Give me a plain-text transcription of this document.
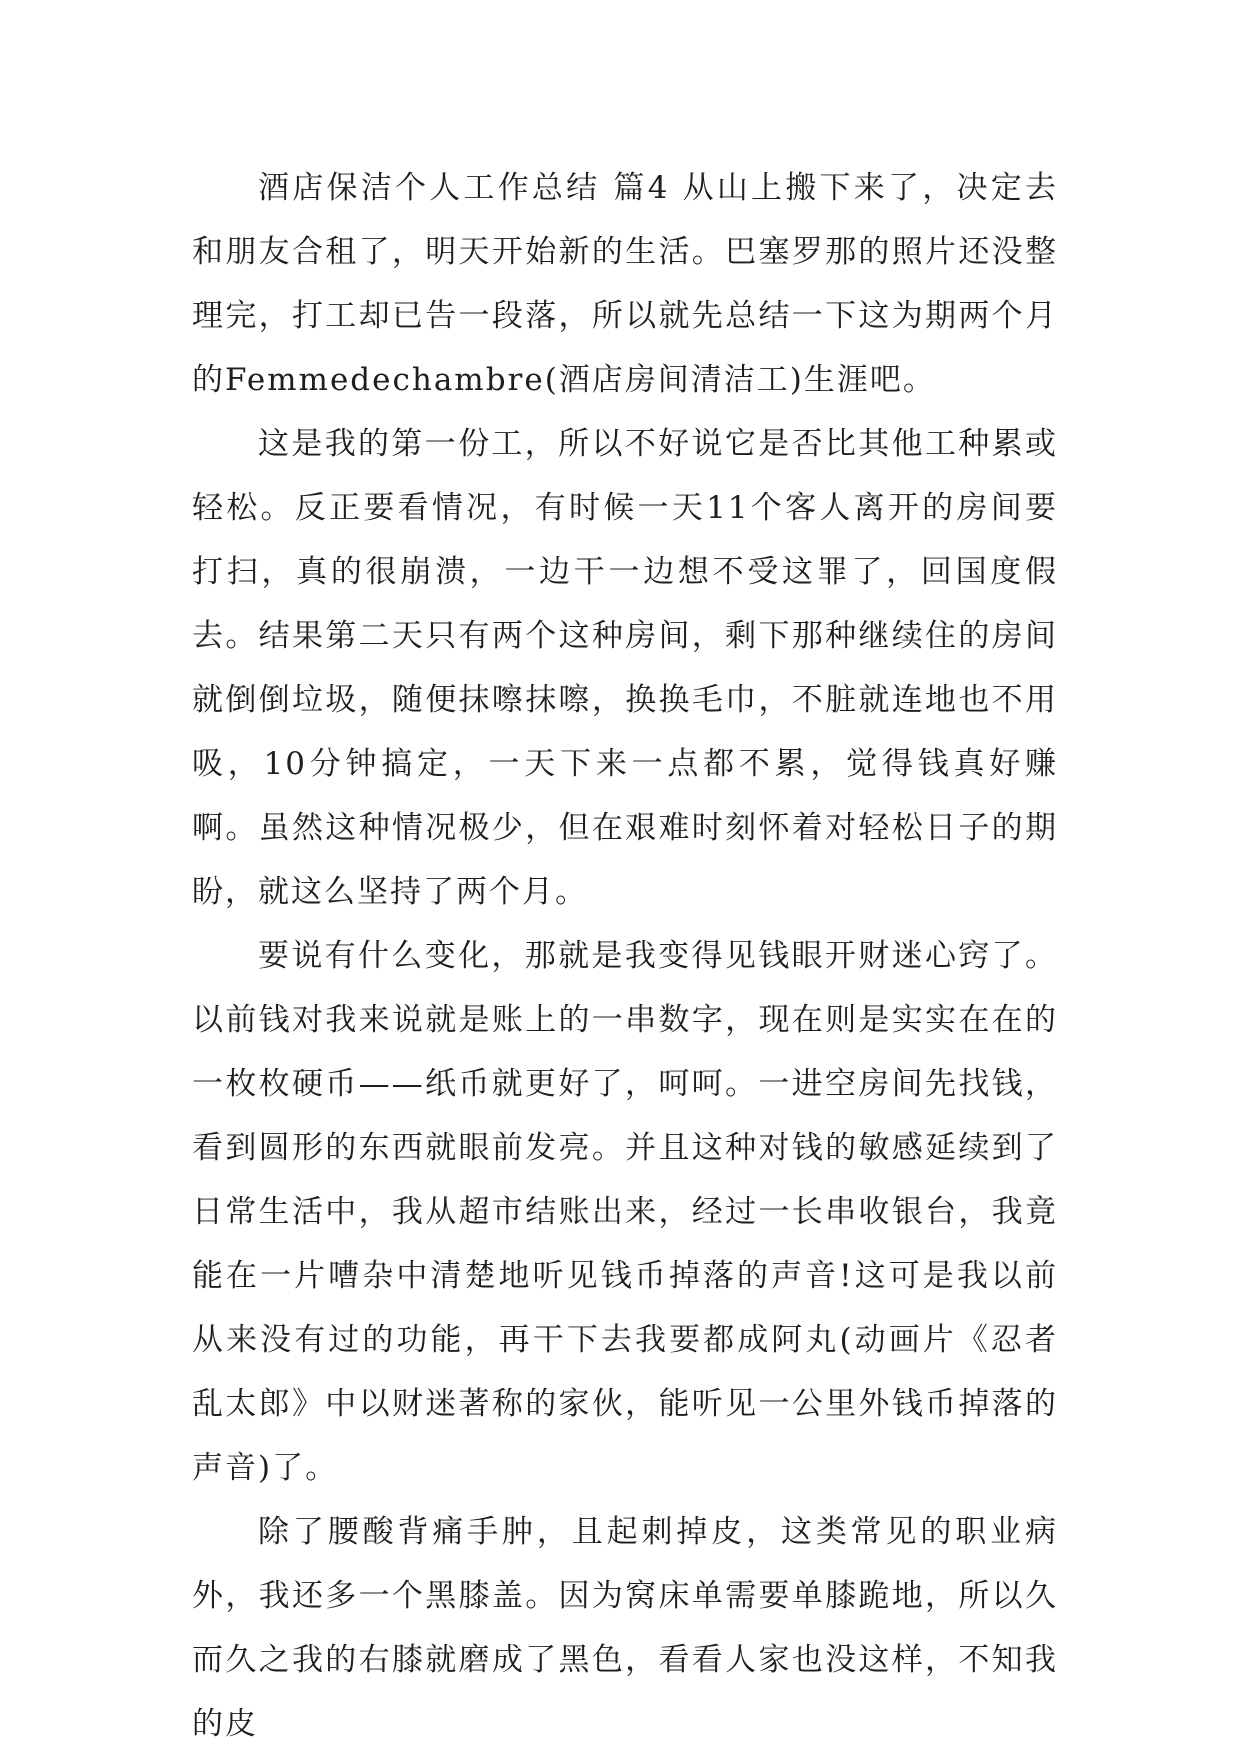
酒店保洁个人工作总结 篇4 从山上搬下来了，决定去和朋友合租了，明天开始新的生活。巴塞罗那的照片还没整理完，打工却已告一段落，所以就先总结一下这为期两个月的Femmedechambre(酒店房间清洁工)生涯吧。

这是我的第一份工，所以不好说它是否比其他工种累或轻松。反正要看情况，有时候一天11个客人离开的房间要打扫，真的很崩溃，一边干一边想不受这罪了，回国度假去。结果第二天只有两个这种房间，剩下那种继续住的房间就倒倒垃圾，随便抹嚓抹嚓，换换毛巾，不脏就连地也不用吸，10分钟搞定，一天下来一点都不累，觉得钱真好赚啊。虽然这种情况极少，但在艰难时刻怀着对轻松日子的期盼，就这么坚持了两个月。

要说有什么变化，那就是我变得见钱眼开财迷心窍了。以前钱对我来说就是账上的一串数字，现在则是实实在在的一枚枚硬币——纸币就更好了，呵呵。一进空房间先找钱，看到圆形的东西就眼前发亮。并且这种对钱的敏感延续到了日常生活中，我从超市结账出来，经过一长串收银台，我竟能在一片嘈杂中清楚地听见钱币掉落的声音!这可是我以前从来没有过的功能，再干下去我要都成阿丸(动画片《忍者乱太郎》中以财迷著称的家伙，能听见一公里外钱币掉落的声音)了。

除了腰酸背痛手肿，且起刺掉皮，这类常见的职业病外，我还多一个黑膝盖。因为窝床单需要单膝跪地，所以久而久之我的右膝就磨成了黑色，看看人家也没这样，不知我的皮
